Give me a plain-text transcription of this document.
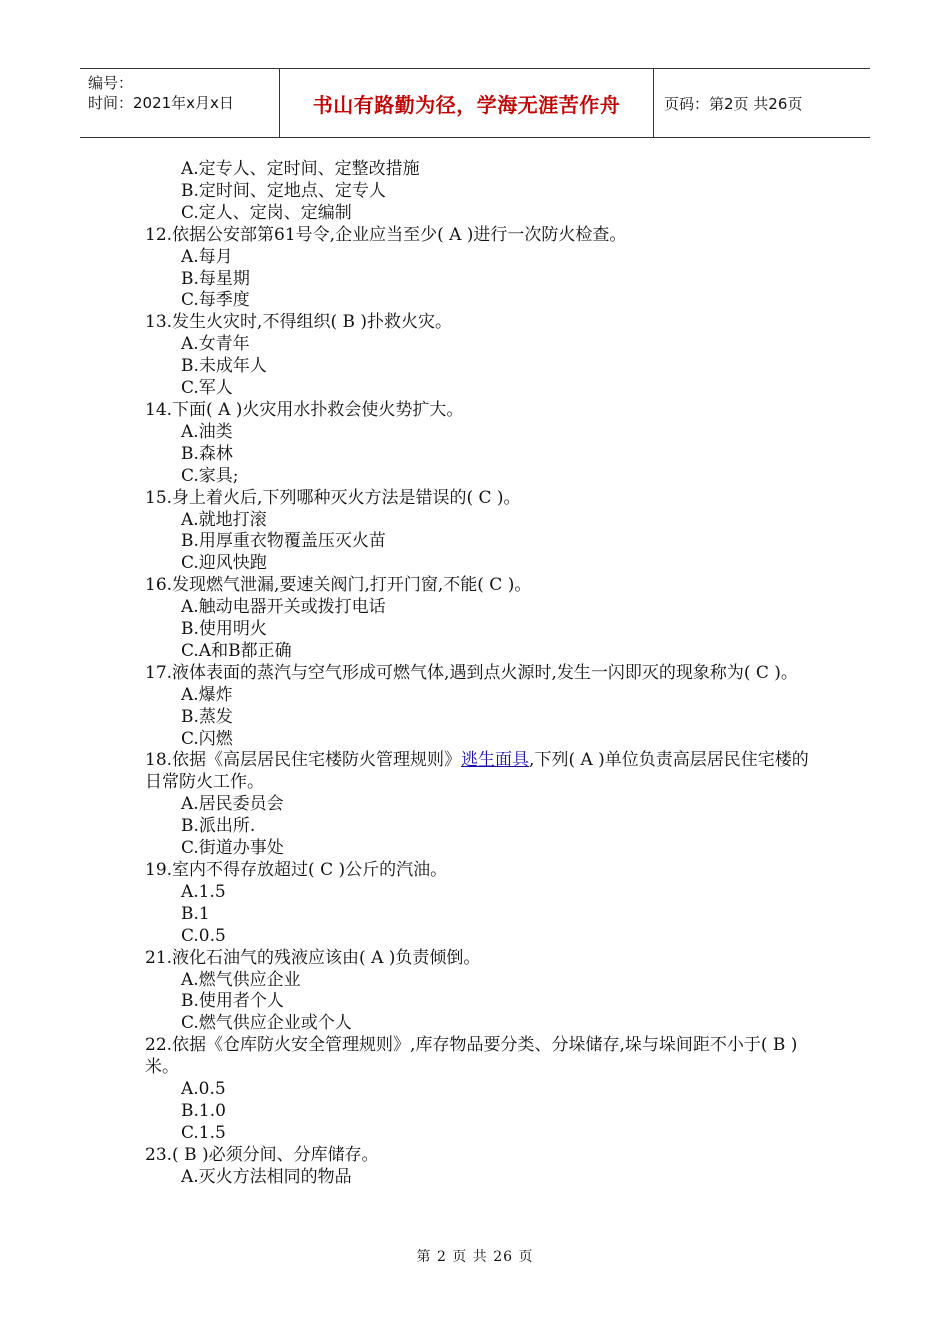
编号：
时间：2021年x月x日	书山有路勤为径，学海无涯苦作舟	页码：第2页 共26页
A.定专人、定时间、定整改措施
B.定时间、定地点、定专人
C.定人、定岗、定编制
12.依据公安部第61号令,企业应当至少( A )进行一次防火检查。
A.每月
B.每星期
C.每季度
13.发生火灾时,不得组织( B )扑救火灾。
A.女青年
B.未成年人
C.军人
14.下面( A )火灾用水扑救会使火势扩大。
A.油类
B.森林
C.家具;
15.身上着火后,下列哪种灭火方法是错误的( C )。
A.就地打滚
B.用厚重衣物覆盖压灭火苗
C.迎风快跑
16.发现燃气泄漏,要速关阀门,打开门窗,不能( C )。
A.触动电器开关或拨打电话
B.使用明火
C.A和B都正确
17.液体表面的蒸汽与空气形成可燃气体,遇到点火源时,发生一闪即灭的现象称为( C )。
A.爆炸
B.蒸发
C.闪燃
18.依据《高层居民住宅楼防火管理规则》逃生面具,下列( A )单位负责高层居民住宅楼的日常防火工作。
A.居民委员会
B.派出所.
C.街道办事处
19.室内不得存放超过( C )公斤的汽油。
A.1.5
B.1
C.0.5
21.液化石油气的残液应该由( A )负责倾倒。
A.燃气供应企业
B.使用者个人
C.燃气供应企业或个人
22.依据《仓库防火安全管理规则》,库存物品要分类、分垛储存,垛与垛间距不小于( B )米。
A.0.5
B.1.0
C.1.5
23.( B )必须分间、分库储存。
A.灭火方法相同的物品
第 2 页 共 26 页
